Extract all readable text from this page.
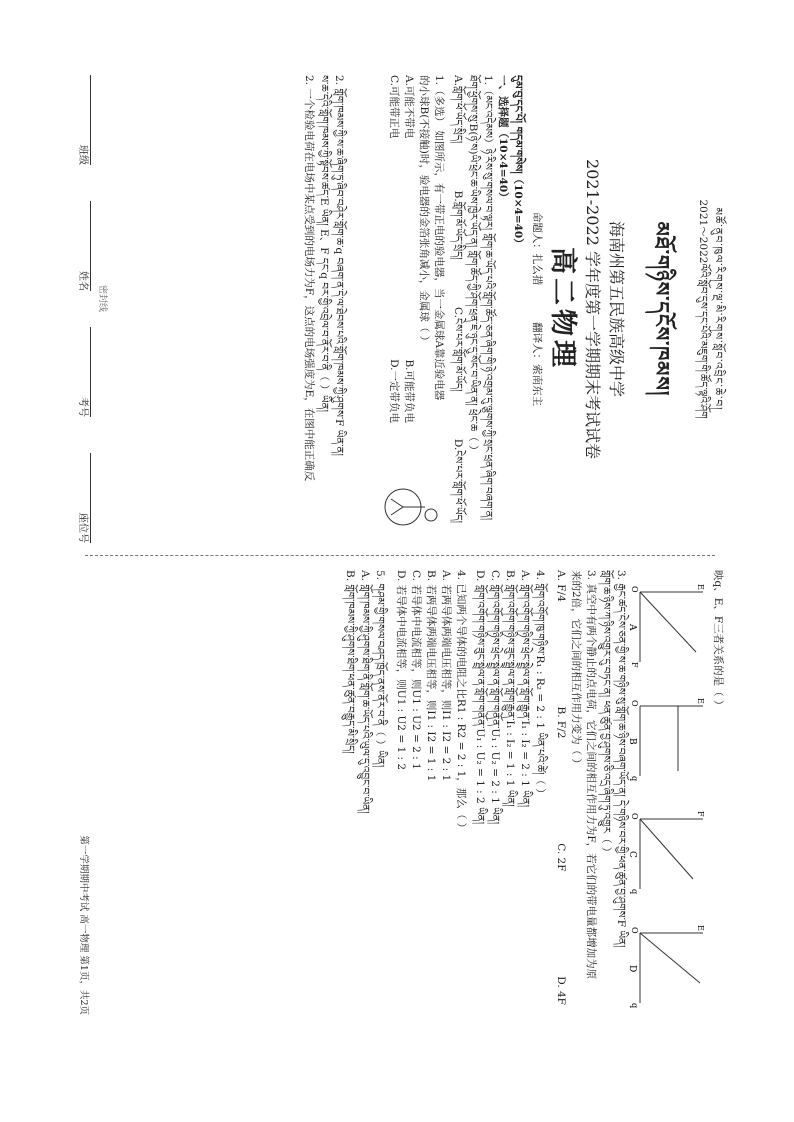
མཚོ་ནུབ་ཁུལ་རིགས་ལྔ་མི་རིགས་སློབ་འབྲིང་ཆེ་བ།

2021～2022ལོའི་སློབ་དུས་དང་པོའི་མཇུག་གི་ཚོད་ལྟའི་ཤོག

མཐོ་གཉིས་དངོས་ཁམས།

海南州第五民族高级中学

2021-2022 学年度第一学期期末考试试卷

高二物理

命题人：扎么措  翻译人：索南东主

དུམ་བུ་དང་པོ། གདམ་གསེས།（10×4=40）

一、选择题（10×4=40）

1.（མང་འདེམས）ཉེ་རིས་སུ་གསལ་བ་ལྟར། གློག་ཆ་ཡོད་པའི་གློག་ཚོད་ཅན་ཞིག་གི་ཉེ་འགྲམ་དུ་ལྕགས་ཀྱི་སྲང་ཕྲན་ཞིག་བཞག་ན།

ཐོག་ཕྱོགས་སུ་B(ཉེ་ས)ཡི་ཕྲེང་ཆ་ཡིས་ཁྱེར་ཡོད་ན། གློག་ཚོད་ཀྱི་ཤོག་ཕྲན་ཇེ་ཉུང་དུ་སོང་བ་ཡིན་ན། ཕྲེང་ཆ（ ）

A.གློག་ཕོ་ཡོད་སྲིད།
B.གློག་མོ་ཡོད་སྲིད།
C.ངེས་པར་གློག་མོ་ཡོད།
D.ངེས་པར་གློག་ཕོ་ཡོད།

1.（多选） 如图所示，有一带正电的验电器，当一金属球A靠近验电器

的小球B(不接触)时，验电器的金箔张角减小，金属球（ ）

A.可能不带电
B.可能带负电
C.可能带正电
D.一定带负电

2. གློག་ཁམས་ཀྱི་ས་ཆ་ཞིག་ཏུ་ཞིབ་བཤེར་གློག་ཆ་q བཞག་ན་དེ་ལ་ཐེབས་པའི་གློག་ཁམས་ཀྱི་ཤུགས་F ཡིན་ན།

ས་ཆ་དེའི་གློག་ཁམས་ཀྱི་སྟོབས་ཚད་E ཡིན། E、F དང་q བར་གྱི་འབྲེལ་བ་ནོར་བ་ནི（ ）ཡིན།

2. 一个检验电荷在电场中某点受到的电场力为F，这点的电场强度为E，在图中能正确反

密封线
班级
姓名
考号
座位号

映q、E、F三者关系的是（ ）

O	E
F
A
O	E
q
B
O	F
q
C
O	E
q
D

3. རྒྱང་ཚད་ངེས་ཅན་གྱི་ས་ཆ་གཉིས་སུ་གློག་ཆ་ཉིས་བཞག་ཡོད་ན། དེ་གཉིས་བར་གྱི་ཕན་ཚུན་བྱ་ཤུགས་F ཡིན།

གློག་ཆ་ཉིས་ཀ་ཉིས་འགྱུར་དུ་བཏང་ན། ཕན་ཚུན་བྱ་ཤུགས་ཅི་འདྲ་ཞིག་ཏུ་འགྱུར（ ）

3. 真空中有两个静止的点电荷，它们之间的相互作用力为F，若它们的带电量都增加为原

来的2倍，它们之间的相互作用力变为（ ）

A. F/4
B. F/2
C. 2F
D. 4F

4. གློག་འགོག་ཁུ་གཉིས་R₁ : R₂ = 2 : 1 ཡིན་པའི་ཚེ།（ ）

A. གློག་འགོག་གཉིས་ཕྲེང་སྦྲེལ་ན་གློག་རྒྱུན་I₁ : I₂ = 2 : 1 ཡིན།

B. གློག་འགོག་གཉིས་ཟུང་སྦྲེལ་ན་གློག་རྒྱུན་I₁ : I₂ = 1 : 1 ཡིན།

C. གློག་འགོག་གཉིས་ཕྲེང་སྦྲེལ་ན་གློག་གནོན་U₁ : U₂ = 2 : 1 ཡིན།

D. གློག་འགོག་གཉིས་ཟུང་སྦྲེལ་ན་གློག་གནོན་U₁ : U₂ = 1 : 2 ཡིན།

4. 已知两个导体的电阻之比R1 : R2 = 2 : 1，那么（ ）

A. 若两导体两端电压相等，则I1 : I2 = 2 : 1

B. 若两导体两端电压相等，则I1 : I2 = 1 : 1

C. 若导体中电流相等，则U1 : U2 = 2 : 1

D. 若导体中电流相等，则U1 : U2 = 1 : 2

5. གཤམ་གྱི་གསལ་བཤད་ཁྲོད་ནས་ནོར་བ་ནི（ ）ཡིན།

A. གློག་ཁམས་ཀྱི་ཤུགས་ཐིག་ནི་གློག་ཆ་ཡོད་པའི་ཡུལ་དུ་འབྱུང་བ་ཡིན།

B. གློག་ཁམས་ཀྱི་ཤུགས་ཐིག་ཕན་ཚུན་བརྒྱུད་མི་སྲིད།

第一学期期中考试 高一物理 第1页，共2页
